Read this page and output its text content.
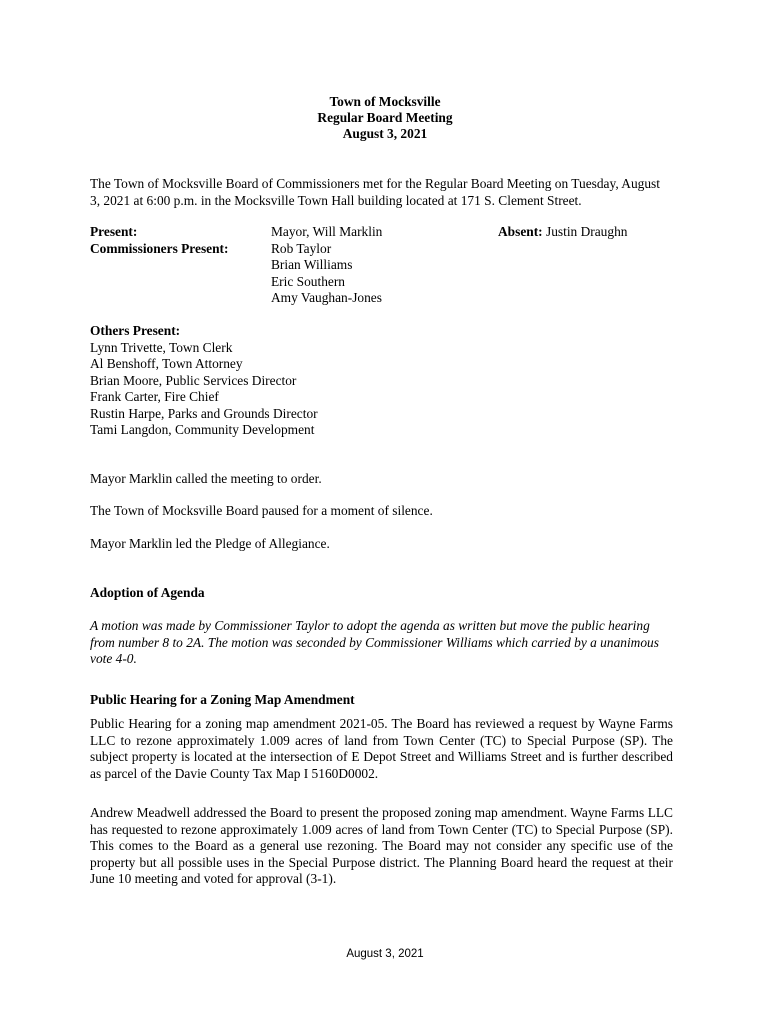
Town of Mocksville
Regular Board Meeting
August 3, 2021
The Town of Mocksville Board of Commissioners met for the Regular Board Meeting on Tuesday, August 3, 2021 at 6:00 p.m. in the Mocksville Town Hall building located at 171 S. Clement Street.
Present:
Commissioners Present:
Mayor, Will Marklin
Rob Taylor
Brian Williams
Eric Southern
Amy Vaughan-Jones
Absent: Justin Draughn
Others Present:
Lynn Trivette, Town Clerk
Al Benshoff, Town Attorney
Brian Moore, Public Services Director
Frank Carter, Fire Chief
Rustin Harpe, Parks and Grounds Director
Tami Langdon, Community Development
Mayor Marklin called the meeting to order.
The Town of Mocksville Board paused for a moment of silence.
Mayor Marklin led the Pledge of Allegiance.
Adoption of Agenda
A motion was made by Commissioner Taylor to adopt the agenda as written but move the public hearing from number 8 to 2A. The motion was seconded by Commissioner Williams which carried by a unanimous vote 4-0.
Public Hearing for a Zoning Map Amendment
Public Hearing for a zoning map amendment 2021-05. The Board has reviewed a request by Wayne Farms LLC to rezone approximately 1.009 acres of land from Town Center (TC) to Special Purpose (SP). The subject property is located at the intersection of E Depot Street and Williams Street and is further described as parcel of the Davie County Tax Map I 5160D0002.
Andrew Meadwell addressed the Board to present the proposed zoning map amendment. Wayne Farms LLC has requested to rezone approximately 1.009 acres of land from Town Center (TC) to Special Purpose (SP). This comes to the Board as a general use rezoning. The Board may not consider any specific use of the property but all possible uses in the Special Purpose district. The Planning Board heard the request at their June 10 meeting and voted for approval (3-1).
August 3, 2021
